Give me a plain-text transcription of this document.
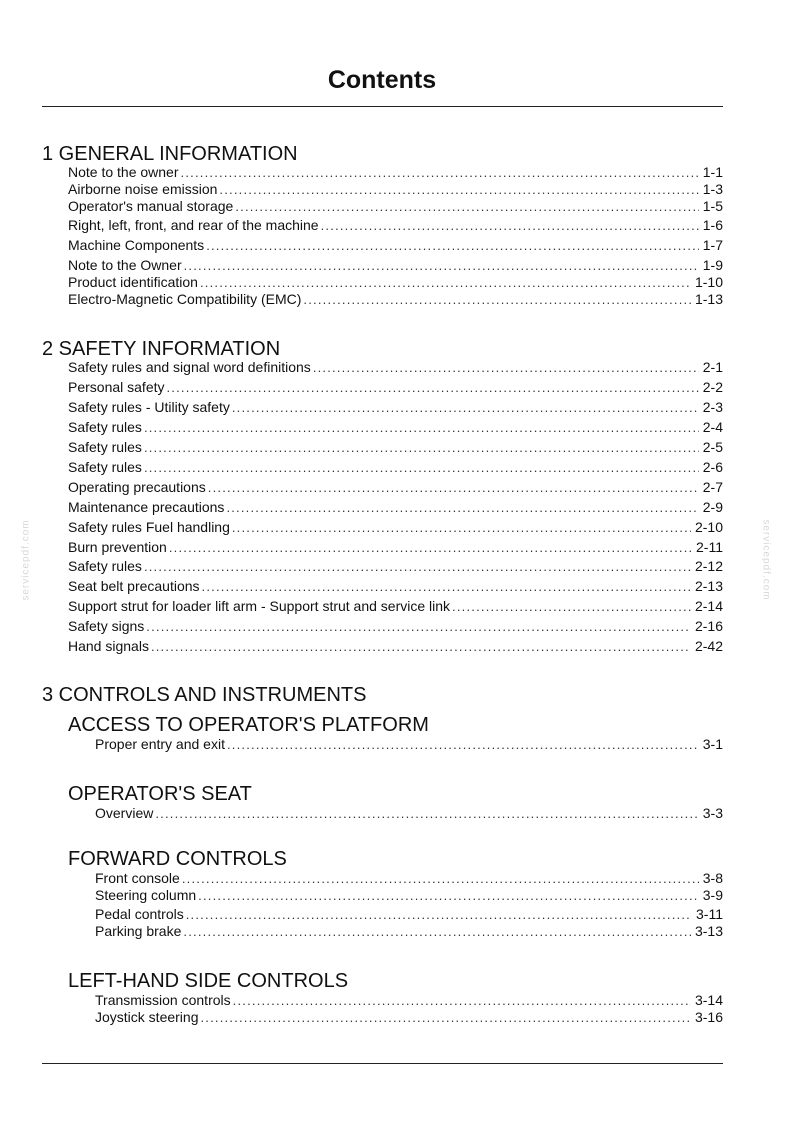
Contents
1 GENERAL INFORMATION
Note to the owner .....	1-1
Airborne noise emission .....	1-3
Operator's manual storage .....	1-5
Right, left, front, and rear of the machine .....	1-6
Machine Components .....	1-7
Note to the Owner .....	1-9
Product identification .....	1-10
Electro-Magnetic Compatibility (EMC) .....	1-13
2 SAFETY INFORMATION
Safety rules and signal word definitions .....	2-1
Personal safety .....	2-2
Safety rules - Utility safety .....	2-3
Safety rules .....	2-4
Safety rules .....	2-5
Safety rules .....	2-6
Operating precautions .....	2-7
Maintenance precautions .....	2-9
Safety rules Fuel handling .....	2-10
Burn prevention .....	2-11
Safety rules .....	2-12
Seat belt precautions .....	2-13
Support strut for loader lift arm - Support strut and service link .....	2-14
Safety signs .....	2-16
Hand signals .....	2-42
3 CONTROLS AND INSTRUMENTS
ACCESS TO OPERATOR'S PLATFORM
Proper entry and exit .....	3-1
OPERATOR'S SEAT
Overview .....	3-3
FORWARD CONTROLS
Front console .....	3-8
Steering column .....	3-9
Pedal controls .....	3-11
Parking brake .....	3-13
LEFT-HAND SIDE CONTROLS
Transmission controls .....	3-14
Joystick steering .....	3-16
servicepdf.com	servicepdf.com
